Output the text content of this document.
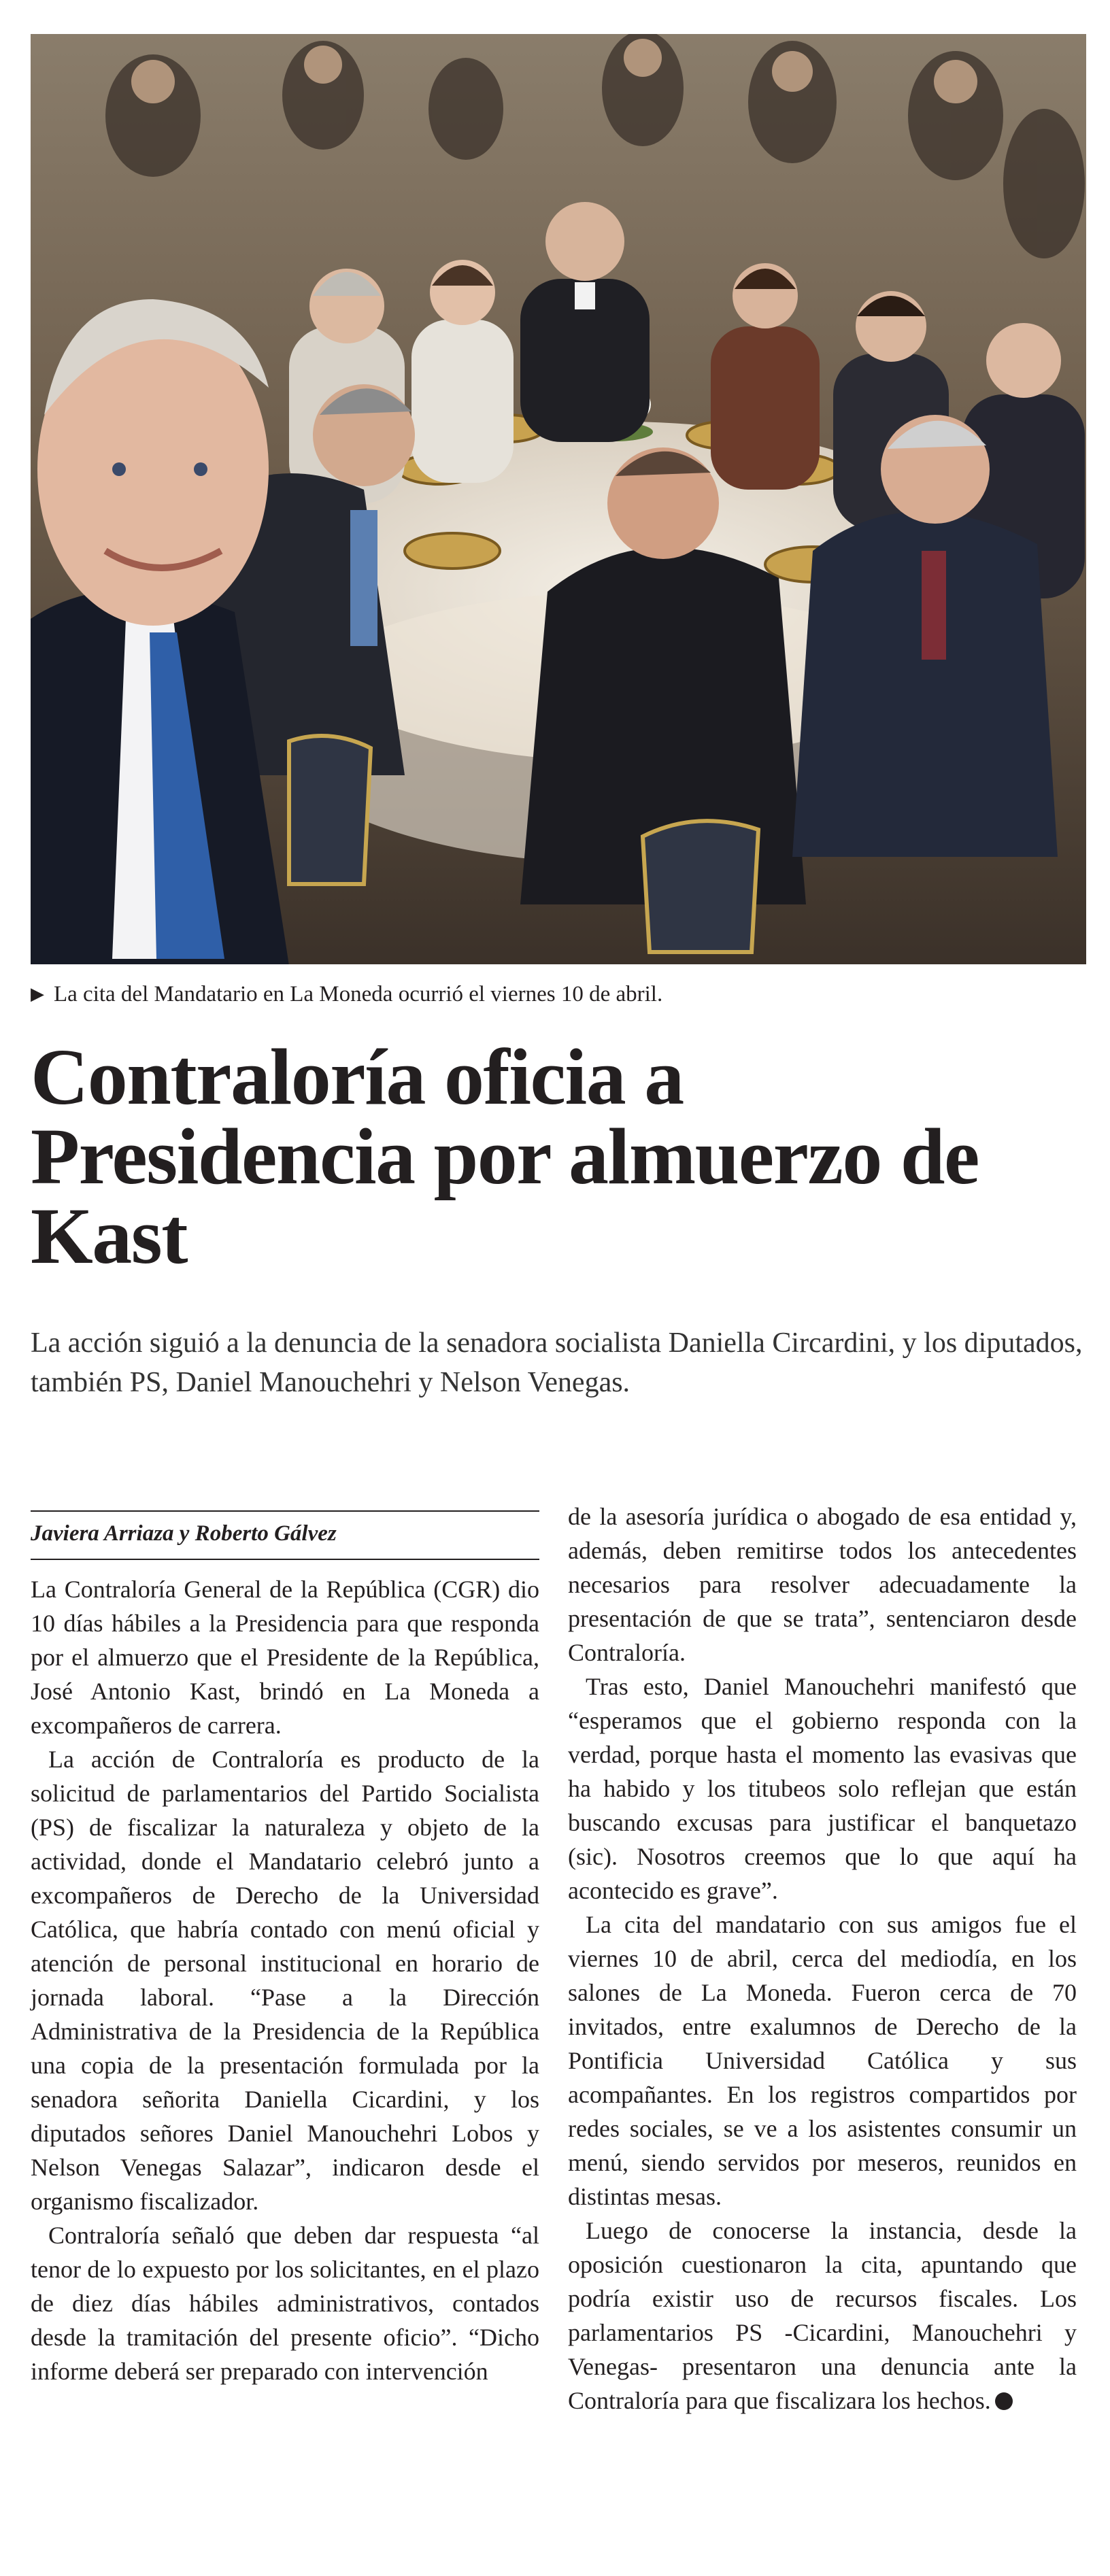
▶ La cita del Mandatario en La Moneda ocurrió el viernes 10 de abril.
Contraloría oficia a Presidencia por almuerzo de Kast

La acción siguió a la denuncia de la senadora socialista Daniella Circardini, y los diputados, también PS, Daniel Manouchehri y Nelson Venegas.

Javiera Arriaza y Roberto Gálvez

La Contraloría General de la República (CGR) dio 10 días hábiles a la Presidencia para que responda por el almuerzo que el Presidente de la República, José Antonio Kast, brindó en La Moneda a excompañeros de carrera.

La acción de Contraloría es producto de la solicitud de parlamentarios del Partido Socialista (PS) de fiscalizar la naturaleza y objeto de la actividad, donde el Mandatario celebró junto a excompañeros de Derecho de la Universidad Católica, que habría contado con menú oficial y atención de personal institucional en horario de jornada laboral. “Pase a la Dirección Administrativa de la Presidencia de la República una copia de la presentación formulada por la senadora señorita Daniella Cicardini, y los diputados señores Daniel Manouchehri Lobos y Nelson Venegas Salazar”, indicaron desde el organismo fiscalizador.

Contraloría señaló que deben dar respuesta “al tenor de lo expuesto por los solicitantes, en el plazo de diez días hábiles administrativos, contados desde la tramitación del presente oficio”. “Dicho informe deberá ser preparado con intervención

de la asesoría jurídica o abogado de esa entidad y, además, deben remitirse todos los antecedentes necesarios para resolver adecuadamente la presentación de que se trata”, sentenciaron desde Contraloría.

Tras esto, Daniel Manouchehri manifestó que “esperamos que el gobierno responda con la verdad, porque hasta el momento las evasivas que ha habido y los titubeos solo reflejan que están buscando excusas para justificar el banquetazo (sic). Nosotros creemos que lo que aquí ha acontecido es grave”.

La cita del mandatario con sus amigos fue el viernes 10 de abril, cerca del mediodía, en los salones de La Moneda. Fueron cerca de 70 invitados, entre exalumnos de Derecho de la Pontificia Universidad Católica y sus acompañantes. En los registros compartidos por redes sociales, se ve a los asistentes consumir un menú, siendo servidos por meseros, reunidos en distintas mesas.

Luego de conocerse la instancia, desde la oposición cuestionaron la cita, apuntando que podría existir uso de recursos fiscales. Los parlamentarios PS -Cicardini, Manouchehri y Venegas- presentaron una denuncia ante la Contraloría para que fiscalizara los hechos.
